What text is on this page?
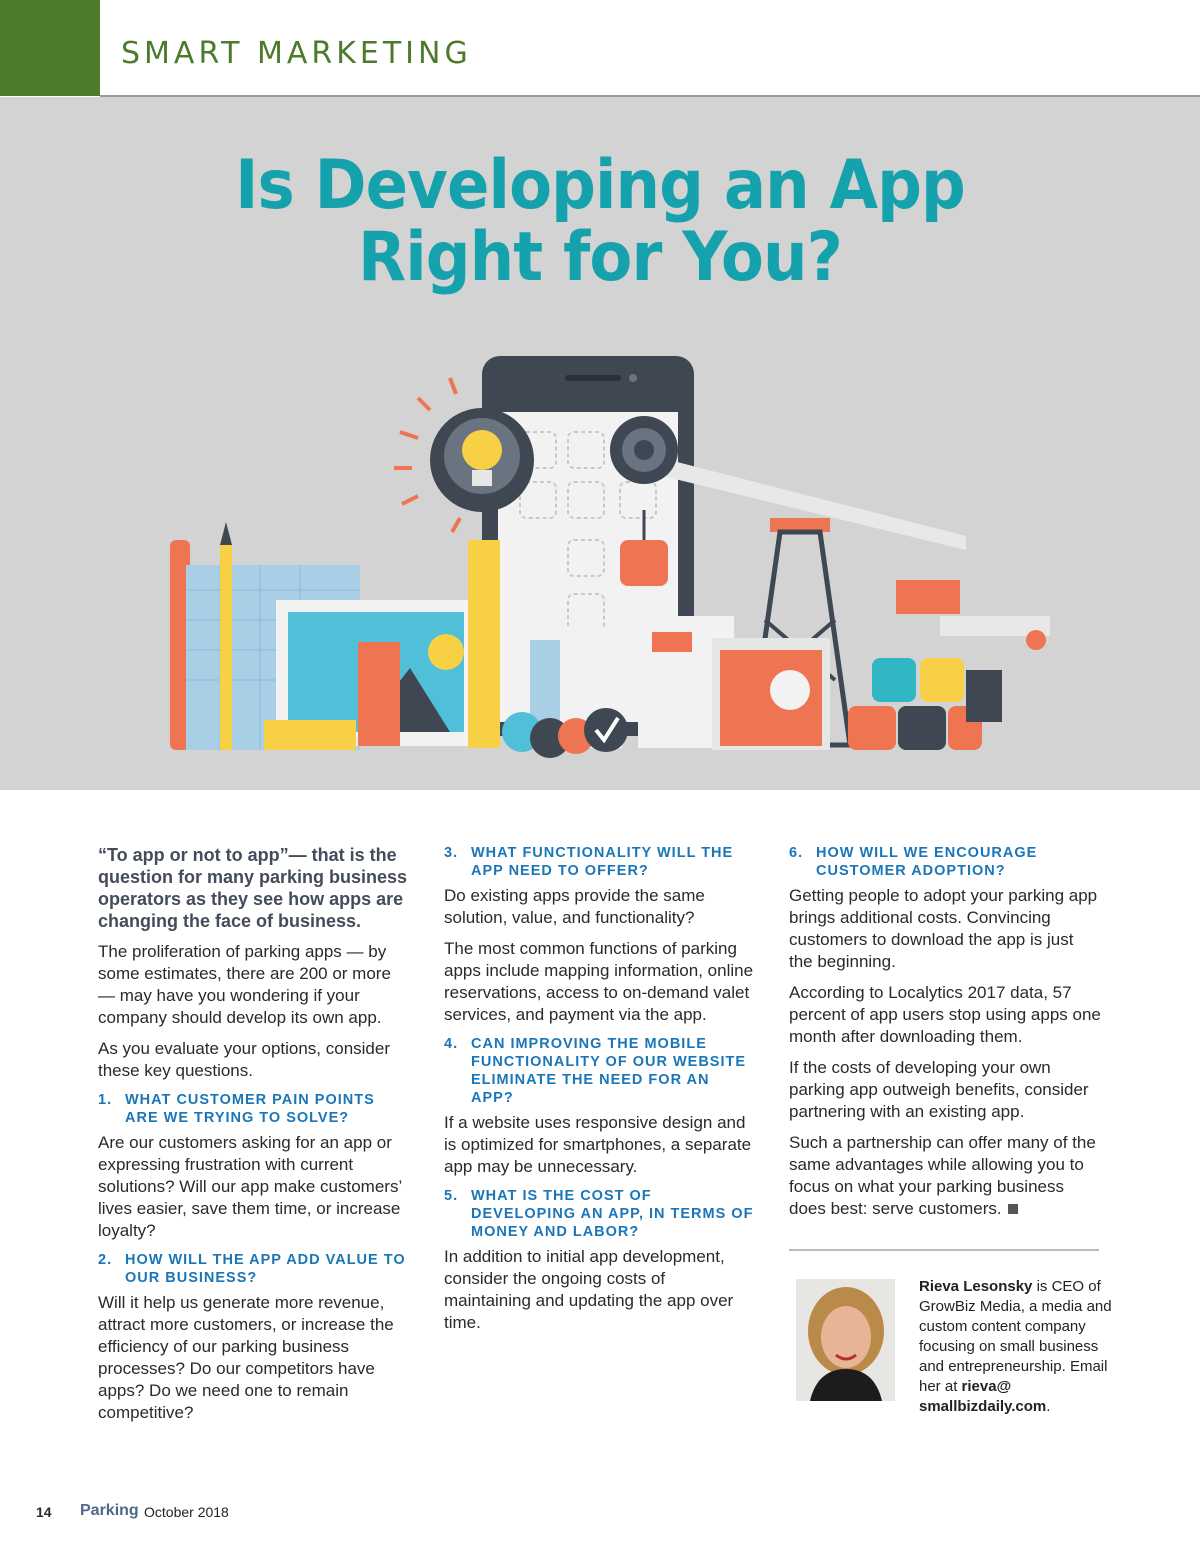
SMART MARKETING
Is Developing an App
Right for You?

“To app or not to app”— that is the question for many parking business operators as they see how apps are changing the face of business.

The proliferation of parking apps — by some estimates, there are 200 or more — may have you wondering if your company should develop its own app.

As you evaluate your options, consider these key questions.

1. WHAT CUSTOMER PAIN POINTS ARE WE TRYING TO SOLVE?

Are our customers asking for an app or expressing frustration with current solutions? Will our app make customers’ lives easier, save them time, or increase loyalty?

2. HOW WILL THE APP ADD VALUE TO OUR BUSINESS?

Will it help us generate more revenue, attract more customers, or increase the efficiency of our parking business processes? Do our competitors have apps? Do we need one to remain competitive?

3. WHAT FUNCTIONALITY WILL THE APP NEED TO OFFER?

Do existing apps provide the same solution, value, and functionality?

The most common functions of parking apps include mapping information, online reservations, access to on-demand valet services, and payment via the app.

4. CAN IMPROVING THE MOBILE FUNCTIONALITY OF OUR WEBSITE ELIMINATE THE NEED FOR AN APP?

If a website uses responsive design and is optimized for smartphones, a separate app may be unnecessary.

5. WHAT IS THE COST OF DEVELOPING AN APP, IN TERMS OF MONEY AND LABOR?

In addition to initial app development, consider the ongoing costs of maintaining and updating the app over time.

6. HOW WILL WE ENCOURAGE CUSTOMER ADOPTION?

Getting people to adopt your parking app brings additional costs. Convincing customers to download the app is just the beginning.

According to Localytics 2017 data, 57 percent of app users stop using apps one month after downloading them.

If the costs of developing your own parking app outweigh benefits, consider partnering with an existing app.

Such a partnership can offer many of the same advantages while allowing you to focus on what your parking business does best: serve customers.

Rieva Lesonsky is CEO of GrowBiz Media, a media and custom content company focusing on small business and entrepreneurship. Email her at rieva@ smallbizdaily.com.
14 Parking October 2018
